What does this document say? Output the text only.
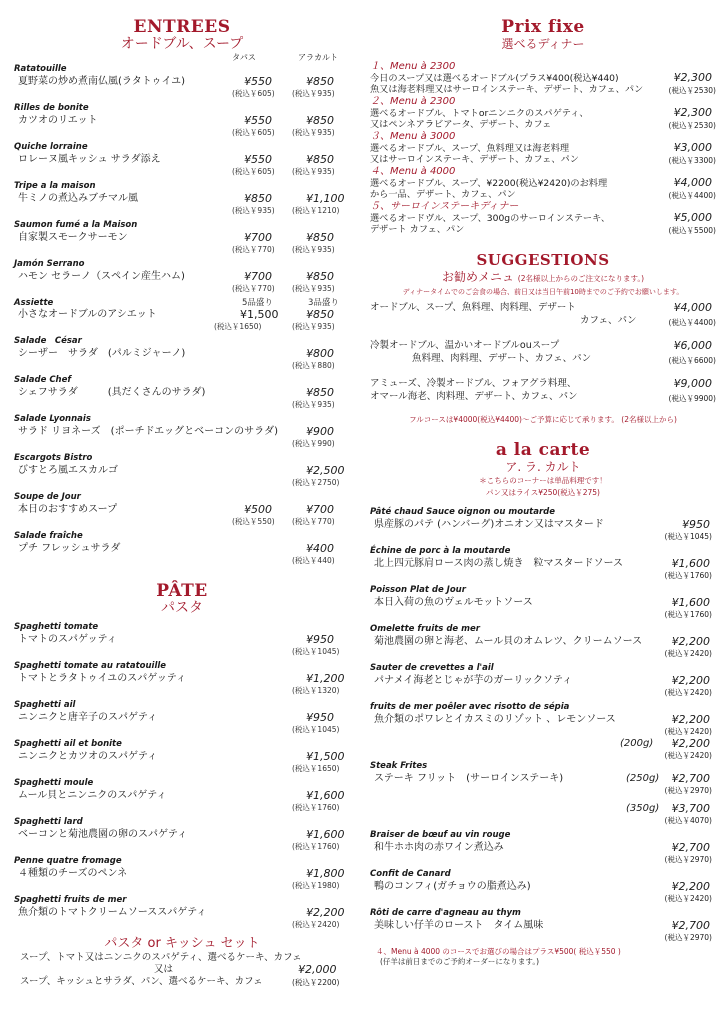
ENTREES
オードブル、スープ
タパス	アラカルト
Ratatouille
夏野菜の炒め煮南仏風(ラタトゥイユ)	¥550	¥850
(税込￥605) (税込￥935)
Rilles de bonite
カツオのリエット	¥550	¥850
(税込￥605) (税込￥935)
Quiche lorraine
ロレーヌ風キッシュ サラダ添え	¥550	¥850
(税込￥605) (税込￥935)
Tripe a la maison
牛ミノの煮込みブチマル風	¥850	¥1,100
(税込￥935) (税込￥1210)
Saumon fumé a la Maison
自家製スモークサーモン	¥700	¥850
(税込￥770) (税込￥935)
Jamón Serrano
ハモン セラーノ（スペイン産生ハム)	¥700	¥850
(税込￥770) (税込￥935)
Assiette	5品盛り	3品盛り
小さなオードブルのアシエット	¥1,500	¥850
(税込￥1650)	(税込￥935)
Salade　César
シーザー　サラダ　(パルミジャーノ)	¥800
(税込￥880)
Salade Chef
シェフサラダ　　　(具だくさんのサラダ)	¥850
(税込￥935)
Salade Lyonnais
サラド リヨネーズ　(ポーチドエッグとベーコンのサラダ)	¥900
(税込￥990)
Escargots Bistro
びすとろ風エスカルゴ	¥2,500
(税込￥2750)
Soupe de Jour
本日のおすすめスープ	¥500	¥700
(税込￥550) (税込￥770)
Salade fraîche
プチ フレッシュサラダ	¥400
(税込￥440)
PÂTE
パスタ
Spaghetti tomate
トマトのスパゲッティ	¥950
(税込￥1045)
Spaghetti tomate au ratatouille
トマトとラタトゥイユのスパゲッティ	¥1,200
(税込￥1320)
Spaghetti ail
ニンニクと唐辛子のスパゲティ	¥950
(税込￥1045)
Spaghetti ail et bonite
ニンニクとカツオのスパゲティ	¥1,500
(税込￥1650)
Spaghetti moule
ムール貝とニンニクのスパゲティ	¥1,600
(税込￥1760)
Spaghetti lard
ベーコンと菊池農園の卵のスパゲティ	¥1,600
(税込￥1760)
Penne quatre fromage
４種類のチーズのペンネ	¥1,800
(税込￥1980)
Spaghetti fruits de mer
魚介類のトマトクリームソーススパゲティ	¥2,200
(税込￥2420)
パスタ or キッシュ セット
スープ、トマト又はニンニクのスパゲティ、選べるケーキ、カフェ
又は	¥2,000
スープ、キッシュとサラダ、パン、選べるケーキ、カフェ	(税込￥2200)
Prix fixe
選べるディナー
１、Menu à 2300
今日のスープ又は選べるオードブル(プラス¥400(税込¥440)	¥2,300
魚又は海老料理又はサーロインステーキ、デザート、カフェ、パン	(税込￥2530)
２、Menu à 2300
選べるオードブル、トマトorニンニクのスパゲティ、	¥2,300
又はペンネアラビアータ、デザート、カフェ	(税込￥2530)
３、Menu à 3000
選べるオードブル、スープ、魚料理又は海老料理	¥3,000
又はサーロインステーキ、デザート、カフェ、パン	(税込￥3300)
４、Menu à 4000
選べるオードブル、スープ、¥2200(税込¥2420)のお料理	¥4,000
から一品、デザート、カフェ、パン	(税込￥4400)
５、サーロインステーキディナー
選べるオードヴル、スープ、300gのサーロインステーキ、	¥5,000
デザート カフェ、パン	(税込￥5500)
SUGGESTIONS
お勧めメニュ (2名様以上からのご注文になります。)
ディナータイムでのご会食の場合、前日又は当日午前10時までのご予約でお願いします。
オードブル、スープ、魚料理、肉料理、デザート	¥4,000
カフェ、パン	(税込￥4400)
冷製オードブル、温かいオードブルouスープ	¥6,000
魚料理、肉料理、デザート、カフェ、パン	(税込￥6600)
アミューズ、冷製オードブル、フォアグラ料理、	¥9,000
オマール海老、肉料理、デザート、カフェ、パン	(税込￥9900)
フルコースは¥4000(税込¥4400)～ご予算に応じて承ります。 (2名様以上から)
a la carte
ア. ラ. カルト
＊こちらのコーナーは単品料理です！
パン又はライス¥250(税込￥275)
Pâté chaud Sauce oignon ou moutarde
県産豚のパテ (ハンバーグ)オニオン又はマスタード	¥950
(税込￥1045)
Échine de porc à la moutarde
北上四元豚肩ロース肉の蒸し焼き　粒マスタードソース	¥1,600
(税込￥1760)
Poisson Plat de Jour
本日入荷の魚のヴェルモットソース	¥1,600
(税込￥1760)
Omelette fruits de mer
菊池農園の卵と海老、ムール貝のオムレツ、クリームソース	¥2,200
(税込￥2420)
Sauter de crevettes a l'ail
パナメイ海老とじゃが芋のガーリックソティ	¥2,200
(税込￥2420)
fruits de mer poêler avec risotto de sépia
魚介類のポワレとイカスミのリゾット 、レモンソース	¥2,200
(税込￥2420)
(200g) ¥2,200
(税込￥2420)
Steak Frites
ステーキ フリット　(サーロインステーキ)	(250g) ¥2,700
(税込￥2970)
(350g) ¥3,700
(税込￥4070)
Braiser de bœuf au vin rouge
和牛ホホ肉の赤ワイン煮込み	¥2,700
(税込￥2970)
Confit de Canard
鴨のコンフィ(ガチョウの脂煮込み)	¥2,200
(税込￥2420)
Rôti de carre d'agneau au thym
美味しい仔羊のロースト　タイム風味	¥2,700
(税込￥2970)
４、Menu à 4000 のコースでお選びの場合はプラス¥500( 税込￥550 )
(仔羊は前日までのご予約オーダーになります。)
